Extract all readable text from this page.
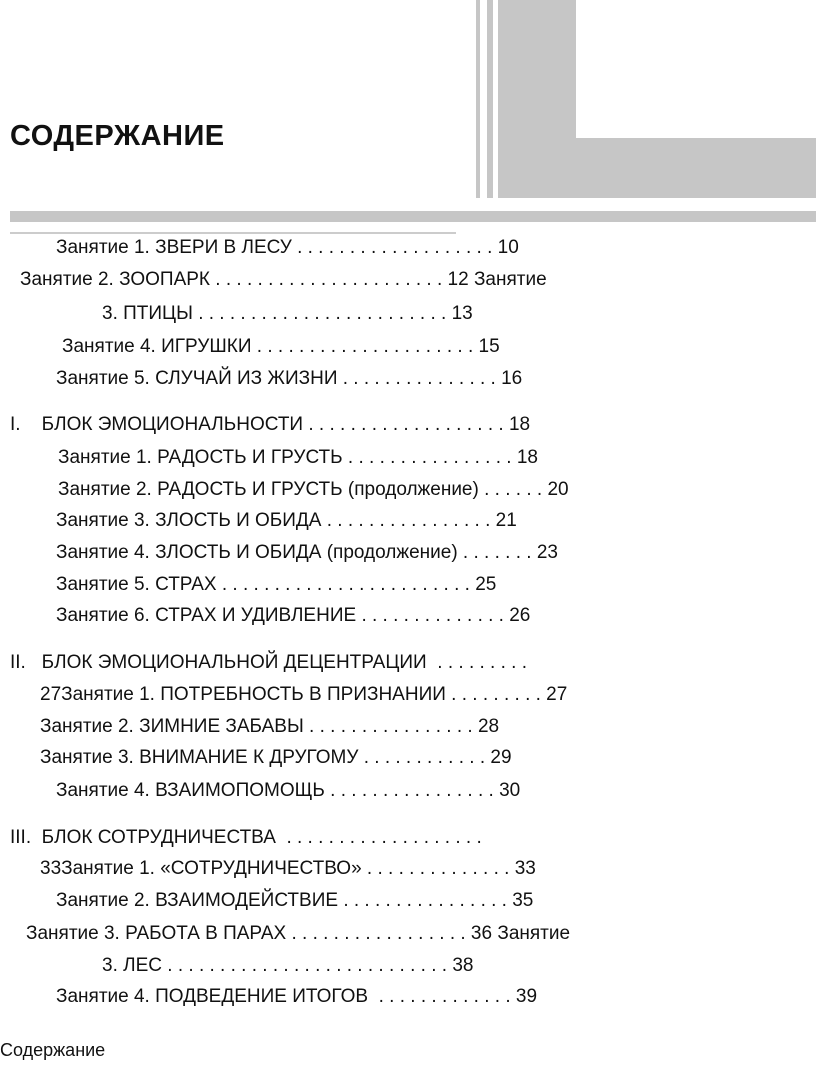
СОДЕРЖАНИЕ
Занятие 1. ЗВЕРИ В ЛЕСУ . . . . . . . . . . . . . . . . . . . 10
Занятие 2. ЗООПАРК . . . . . . . . . . . . . . . . . . . . . . 12 Занятие
3. ПТИЦЫ . . . . . . . . . . . . . . . . . . . . . . . . 13
Занятие 4. ИГРУШКИ . . . . . . . . . . . . . . . . . . . . . 15
Занятие 5. СЛУЧАЙ ИЗ ЖИЗНИ . . . . . . . . . . . . . . . 16
I.    БЛОК ЭМОЦИОНАЛЬНОСТИ . . . . . . . . . . . . . . . . . . . 18
Занятие 1. РАДОСТЬ И ГРУСТЬ . . . . . . . . . . . . . . . . 18
Занятие 2. РАДОСТЬ И ГРУСТЬ (продолжение) . . . . . . 20
Занятие 3. ЗЛОСТЬ И ОБИДА . . . . . . . . . . . . . . . . 21
Занятие 4. ЗЛОСТЬ И ОБИДА (продолжение) . . . . . . . 23
Занятие 5. СТРАХ . . . . . . . . . . . . . . . . . . . . . . . . 25
Занятие 6. СТРАХ И УДИВЛЕНИЕ . . . . . . . . . . . . . . 26
II.   БЛОК ЭМОЦИОНАЛЬНОЙ ДЕЦЕНТРАЦИИ  . . . . . . . . .
27Занятие 1. ПОТРЕБНОСТЬ В ПРИЗНАНИИ . . . . . . . . . 27
Занятие 2. ЗИМНИЕ ЗАБАВЫ . . . . . . . . . . . . . . . . 28
Занятие 3. ВНИМАНИЕ К ДРУГОМУ . . . . . . . . . . . . 29
Занятие 4. ВЗАИМОПОМОЩЬ . . . . . . . . . . . . . . . . 30
III.  БЛОК СОТРУДНИЧЕСТВА  . . . . . . . . . . . . . . . . . . .
33Занятие 1. «СОТРУДНИЧЕСТВО» . . . . . . . . . . . . . . 33
Занятие 2. ВЗАИМОДЕЙСТВИЕ . . . . . . . . . . . . . . . . 35
Занятие 3. РАБОТА В ПАРАХ . . . . . . . . . . . . . . . . . 36 Занятие
3. ЛЕС . . . . . . . . . . . . . . . . . . . . . . . . . . . 38
Занятие 4. ПОДВЕДЕНИЕ ИТОГОВ  . . . . . . . . . . . . . 39
Содержание
